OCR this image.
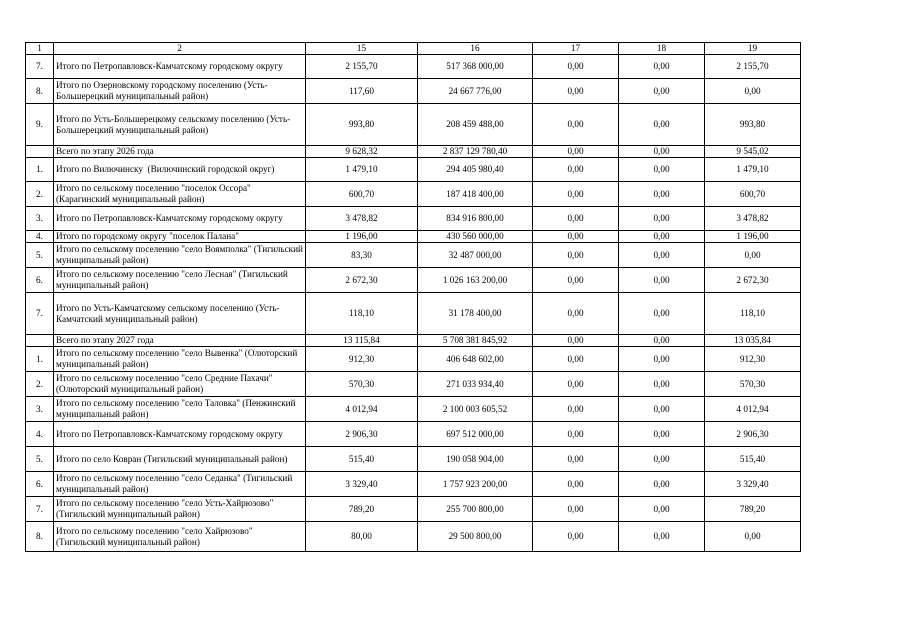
1	2	15	16	17	18	19
7.	Итого по Петропавловск-Камчатскому городскому округу	2 155,70	517 368 000,00	0,00	0,00	2 155,70
8.	Итого по Озерновскому городскому поселению (Усть-Большерецкий муниципальный район)	117,60	24 667 776,00	0,00	0,00	0,00
9.	Итого по Усть-Большерецкому сельскому поселению (Усть-Большерецкий муниципальный район)	993,80	208 459 488,00	0,00	0,00	993,80
	Всего по этапу 2026 года	9 628,32	2 837 129 780,40	0,00	0,00	9 545,02
1.	Итого по Вилючинску  (Вилючинский городской округ)	1 479,10	294 405 980,40	0,00	0,00	1 479,10
2.	Итого по сельскому поселению "поселок Оссора" (Карагинский муниципальный район)	600,70	187 418 400,00	0,00	0,00	600,70
3.	Итого по Петропавловск-Камчатскому городскому округу	3 478,82	834 916 800,00	0,00	0,00	3 478,82
4.	Итого по городскому округу "поселок Палана"	1 196,00	430 560 000,00	0,00	0,00	1 196,00
5.	Итого по сельскому поселению "село Воямполка" (Тигильский муниципальный район)	83,30	32 487 000,00	0,00	0,00	0,00
6.	Итого по сельскому поселению "село Лесная" (Тигильский муниципальный район)	2 672,30	1 026 163 200,00	0,00	0,00	2 672,30
7.	Итого по Усть-Камчатскому сельскому поселению (Усть-Камчатский муниципальный район)	118,10	31 178 400,00	0,00	0,00	118,10
	Всего по этапу 2027 года	13 115,84	5 708 381 845,92	0,00	0,00	13 035,84
1.	Итого по сельскому поселению "село Вывенка" (Олюторский муниципальный район)	912,30	406 648 602,00	0,00	0,00	912,30
2.	Итого по сельскому поселению "село Средние Пахачи" (Олюторский муниципальный район)	570,30	271 033 934,40	0,00	0,00	570,30
3.	Итого по сельскому поселению "село Таловка" (Пенжинский муниципальный район)	4 012,94	2 100 003 605,52	0,00	0,00	4 012,94
4.	Итого по Петропавловск-Камчатскому городскому округу	2 906,30	697 512 000,00	0,00	0,00	2 906,30
5.	Итого по село Ковран (Тигильский муниципальный район)	515,40	190 058 904,00	0,00	0,00	515,40
6.	Итого по сельскому поселению "село Седанка" (Тигильский муниципальный район)	3 329,40	1 757 923 200,00	0,00	0,00	3 329,40
7.	Итого по сельскому поселению "село Усть-Хайрюзово" (Тигильский муниципальный район)	789,20	255 700 800,00	0,00	0,00	789,20
8.	Итого по сельскому поселению "село Хайрюзово" (Тигильский муниципальный район)	80,00	29 500 800,00	0,00	0,00	0,00
